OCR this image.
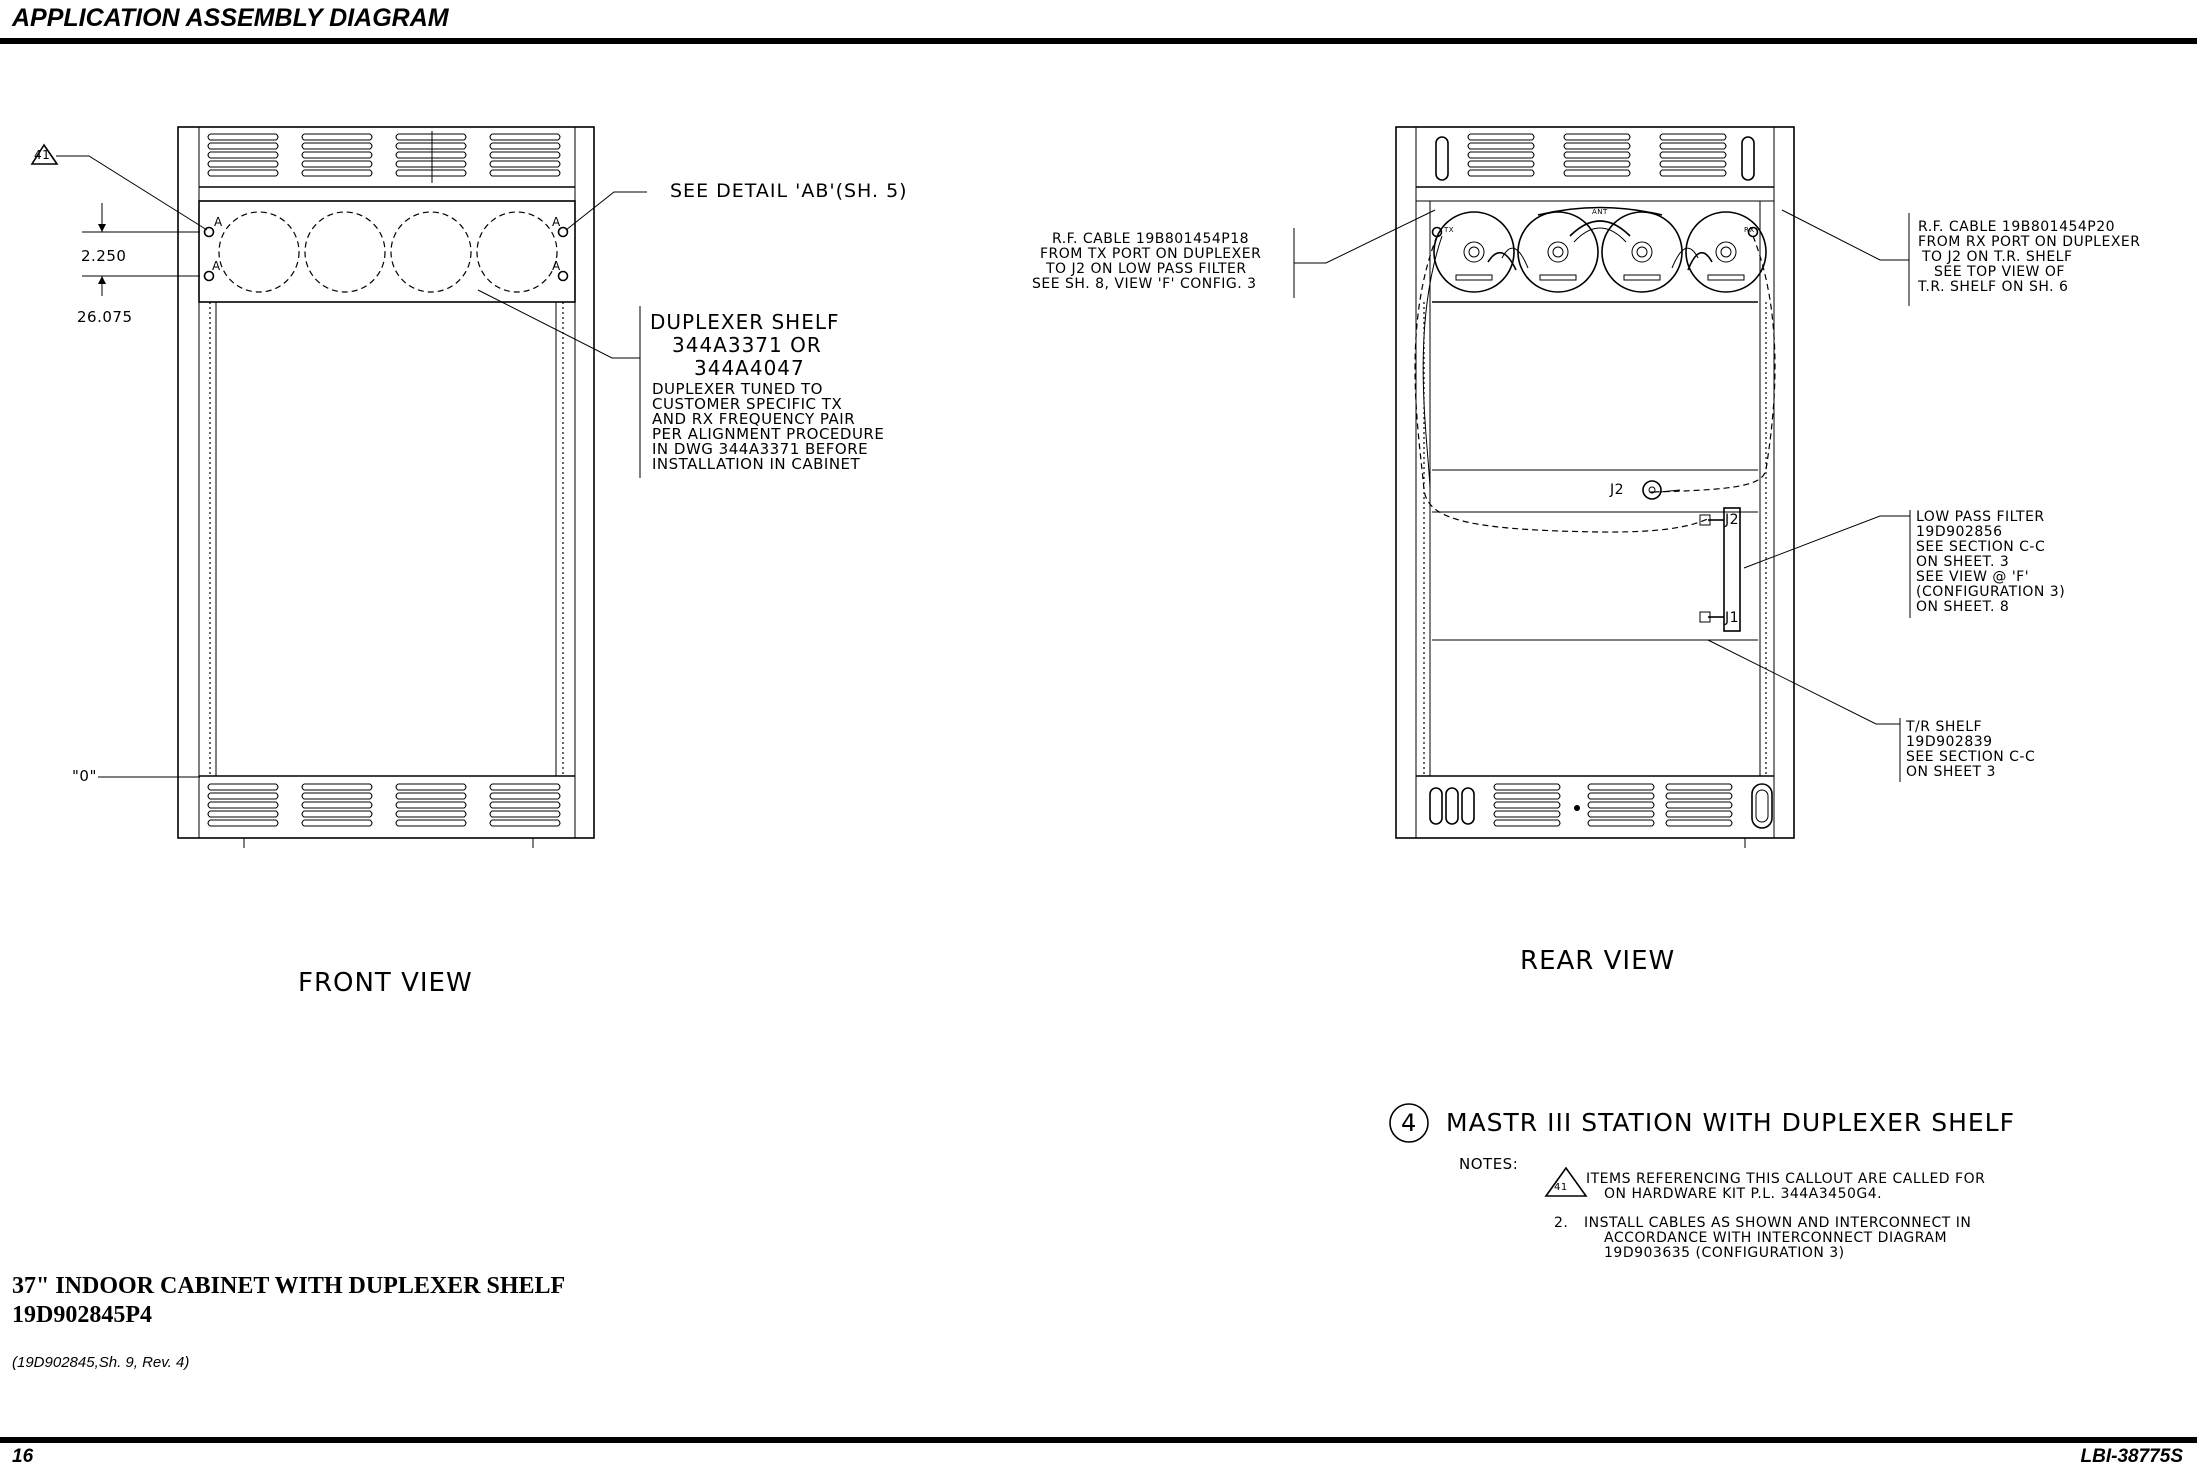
APPLICATION ASSEMBLY DIAGRAM
41
2.250
26.075
"0"
A
A
A
A
SEE DETAIL 'AB'(SH. 5)
DUPLEXER SHELF
344A3371 OR
344A4047
DUPLEXER TUNED TO
CUSTOMER SPECIFIC TX
AND RX FREQUENCY PAIR
PER ALIGNMENT PROCEDURE
IN DWG 344A3371 BEFORE
INSTALLATION IN CABINET
FRONT VIEW
TX
ANT
RX
J2
J2
J1
R.F. CABLE 19B801454P18
FROM TX PORT ON DUPLEXER
TO J2 ON LOW PASS FILTER
SEE SH. 8, VIEW 'F' CONFIG. 3
R.F. CABLE 19B801454P20
FROM RX PORT ON DUPLEXER
TO J2 ON T.R. SHELF
SEE TOP VIEW OF
T.R. SHELF ON SH. 6
LOW PASS FILTER
19D902856
SEE SECTION C-C
ON SHEET. 3
SEE VIEW @ 'F'
(CONFIGURATION 3)
ON SHEET. 8
T/R SHELF
19D902839
SEE SECTION C-C
ON SHEET 3
REAR VIEW
4 MASTR III STATION WITH DUPLEXER SHELF
NOTES:
41
ITEMS REFERENCING THIS CALLOUT ARE CALLED FOR
ON HARDWARE KIT P.L. 344A3450G4.
2. INSTALL CABLES AS SHOWN AND INTERCONNECT IN
ACCORDANCE WITH INTERCONNECT DIAGRAM
19D903635 (CONFIGURATION 3)
37" INDOOR CABINET WITH DUPLEXER SHELF
19D902845P4
(19D902845,Sh. 9, Rev. 4)
16	LBI-38775S
